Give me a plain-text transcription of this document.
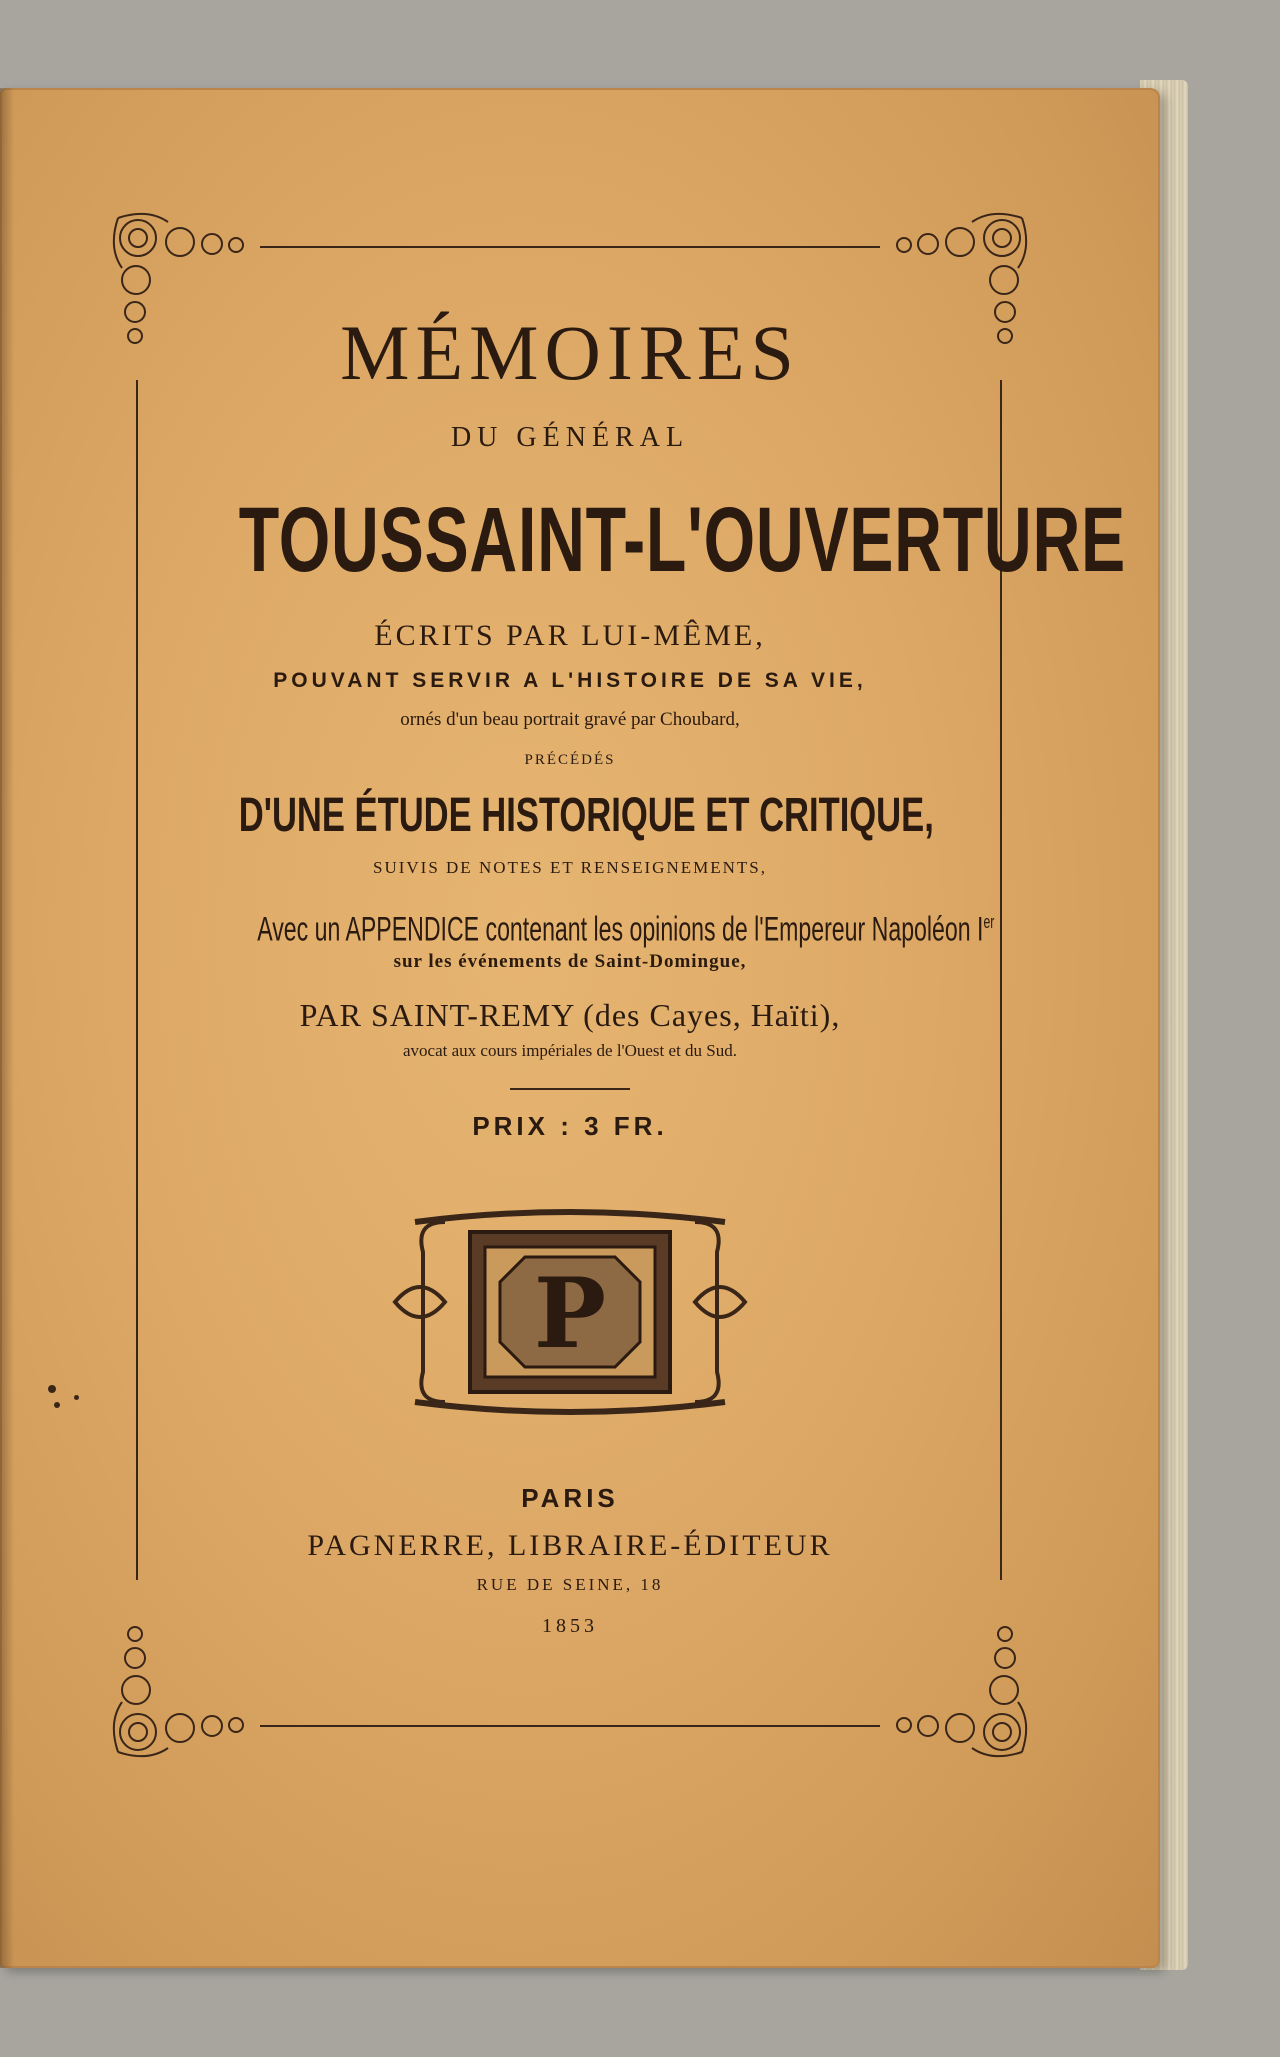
MÉMOIRES
DU GÉNÉRAL
TOUSSAINT-L'OUVERTURE
ÉCRITS PAR LUI-MÊME,
POUVANT SERVIR A L'HISTOIRE DE SA VIE,
ornés d'un beau portrait gravé par Choubard,
PRÉCÉDÉS
D'UNE ÉTUDE HISTORIQUE ET CRITIQUE,
SUIVIS DE NOTES ET RENSEIGNEMENTS,
Avec un APPENDICE contenant les opinions de l'Empereur Napoléon Ier
sur les événements de Saint-Domingue,
PAR SAINT-REMY (des Cayes, Haïti),
avocat aux cours impériales de l'Ouest et du Sud.
PRIX : 3 FR.
P
PARIS
PAGNERRE, LIBRAIRE-ÉDITEUR
RUE DE SEINE, 18
1853
